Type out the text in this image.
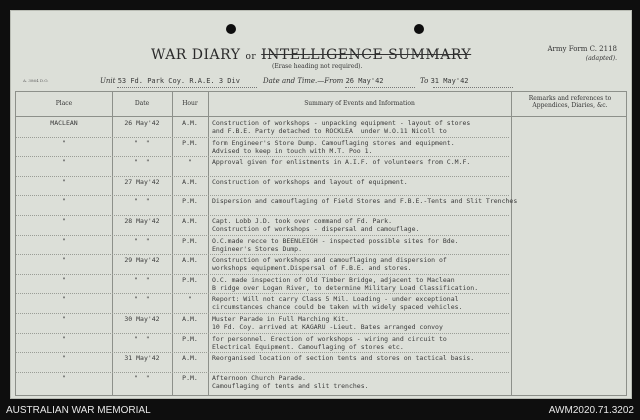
WAR DIARY or INTELLIGENCE SUMMARY
(Erase heading not required).
Army Form C. 2118
(adapted).
A. 3864 D.O.	Unit 53 Fd. Park Coy. R.A.E. 3 Div	Date and Time.—From 26 May'42	To 31 May'42
Place	Date	Hour	Summary of Events and Information
Remarks and references to Appendices, Diaries, &c.
MACLEAN	26 May'42	A.M.	Construction of workshops - unpacking equipment - layout of stores
and F.B.E. Party detached to ROCKLEA  under W.O.11 Nicoll to
"	"  "	P.M.	form Engineer's Store Dump. Camouflaging stores and equipment.
Advised to keep in touch with M.T. Poo 1.
"	"  "	"	Approval given for enlistments in A.I.F. of volunteers from C.M.F.
"	27 May'42	A.M.	Construction of workshops and layout of equipment.
"	"  "	P.M.	Dispersion and camouflaging of Field Stores and F.B.E.-Tents and Slit Trenches
"	28 May'42	A.M.	Capt. Lobb J.D. took over command of Fd. Park.
Construction of workshops - dispersal and camouflage.
"	"  "	P.M.	O.C.made recce to BEENLEIGH - inspected possible sites for Bde.
Engineer's Stores Dump.
"	29 May'42	A.M.	Construction of workshops and camouflaging and dispersion of
workshops equipment.Dispersal of F.B.E. and stores.
"	"  "	P.M.	O.C. made inspection of Old Timber Bridge, adjacent to Maclean
B ridge over Logan River, to determine Military Load Classification.
"	"  "	"	Report: Will not carry Class 5 Mil. Loading - under exceptional
circumstances chance could be taken with widely spaced vehicles.
"	30 May'42	A.M.	Muster Parade in Full Marching Kit.
10 Fd. Coy. arrived at KAGARU -Lieut. Bates arranged convoy
"	"  "	P.M.	for personnel. Erection of workshops - wiring and circuit to
Electrical Equipment. Camouflaging of stores etc.
"	31 May'42	A.M.	Reorganised location of section tents and stores on tactical basis.
"	"  "	P.M.	Afternoon Church Parade.
Camouflaging of tents and slit trenches.
AUSTRALIAN WAR MEMORIAL	AWM2020.71.3202
